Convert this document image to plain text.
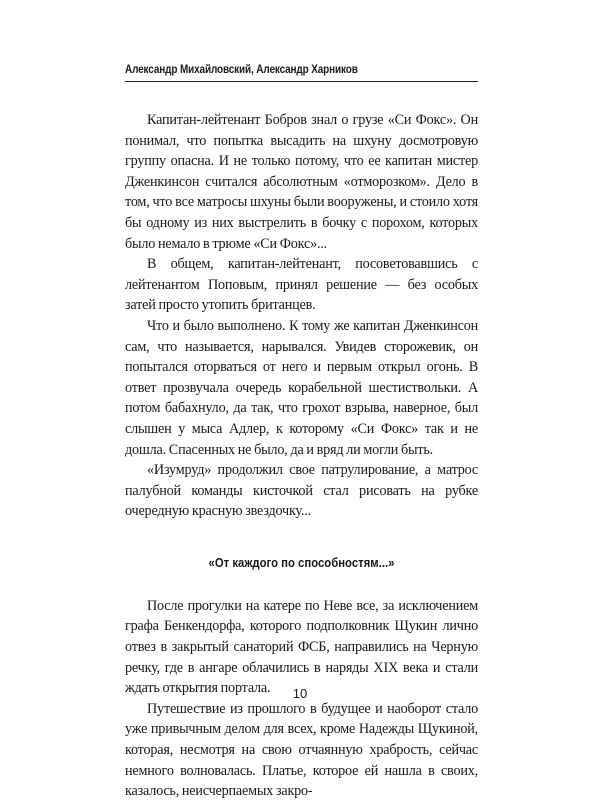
Александр Михайловский, Александр Харников

Капитан-лейтенант Бобров знал о грузе «Си Фокс». Он понимал, что попытка высадить на шхуну досмотровую группу опасна. И не только потому, что ее капитан мистер Дженкинсон считался абсолютным «отморозком». Дело в том, что все матросы шхуны были вооружены, и стоило хотя бы одному из них выстрелить в бочку с порохом, которых было немало в трюме «Си Фокс»...

В общем, капитан-лейтенант, посоветовавшись с лейтенантом Поповым, принял решение — без особых затей просто утопить британцев.

Что и было выполнено. К тому же капитан Дженкинсон сам, что называется, нарывался. Увидев сторожевик, он попытался оторваться от него и первым открыл огонь. В ответ прозвучала очередь корабельной шестиствольки. А потом бабахнуло, да так, что грохот взрыва, наверное, был слышен у мыса Адлер, к которому «Си Фокс» так и не дошла. Спасенных не было, да и вряд ли могли быть.

«Изумруд» продолжил свое патрулирование, а матрос палубной команды кисточкой стал рисовать на рубке очередную красную звездочку...

«От каждого по способностям...»

После прогулки на катере по Неве все, за исключением графа Бенкендорфа, которого подполковник Щукин лично отвез в закрытый санаторий ФСБ, направились на Черную речку, где в ангаре облачились в наряды XIX века и стали ждать открытия портала.

Путешествие из прошлого в будущее и наоборот стало уже привычным делом для всех, кроме Надежды Щукиной, которая, несмотря на свою отчаянную храбрость, сейчас немного волновалась. Платье, которое ей нашла в своих, казалось, неисчерпаемых закро-

10
